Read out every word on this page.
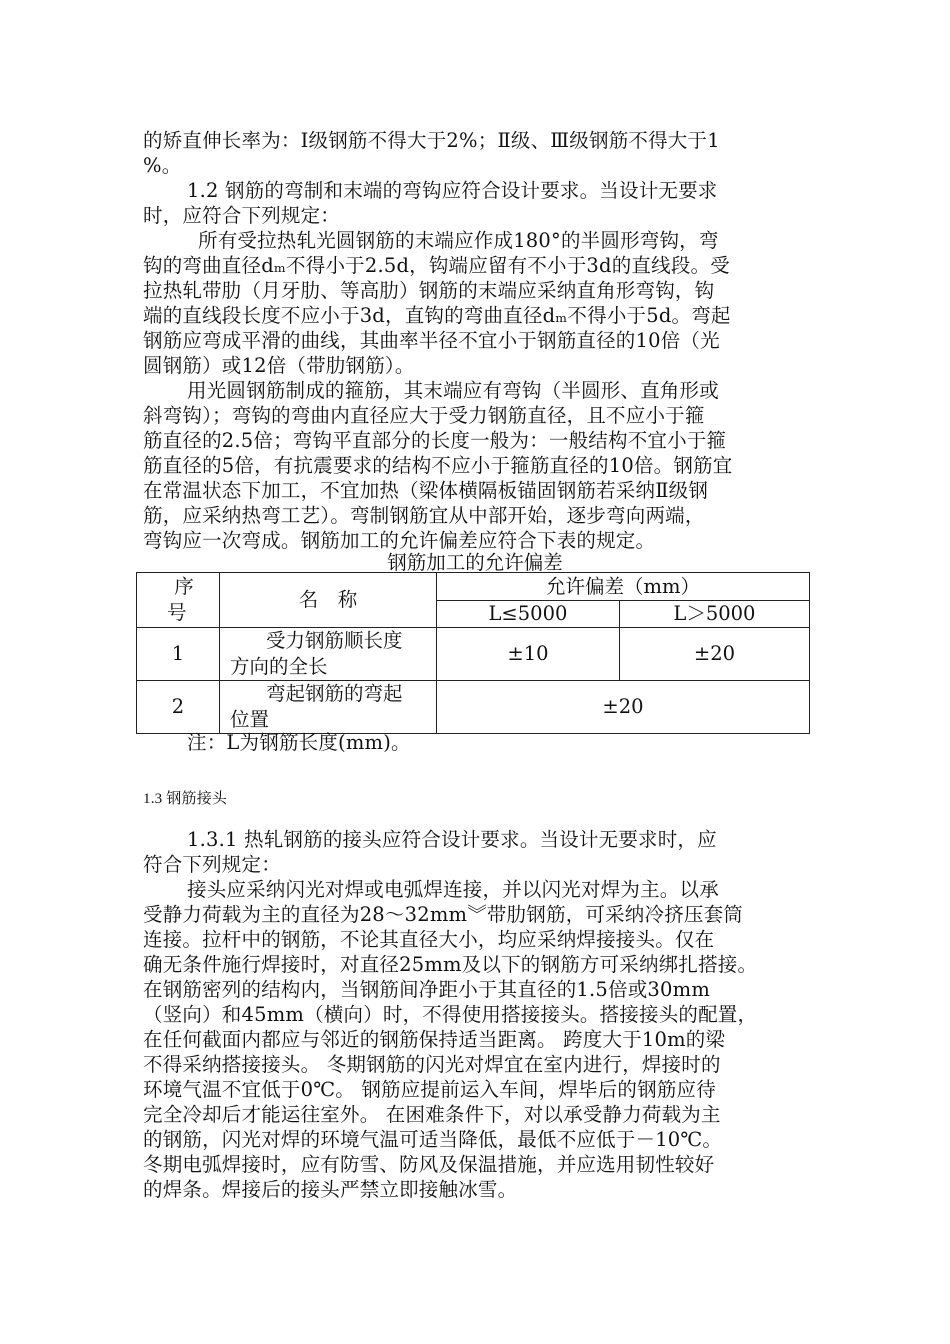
的矫直伸长率为：Ⅰ级钢筋不得大于2%；Ⅱ级、Ⅲ级钢筋不得大于1
%。
1.2 钢筋的弯制和末端的弯钩应符合设计要求。当设计无要求
时，应符合下列规定：
所有受拉热轧光圆钢筋的末端应作成180°的半圆形弯钩，弯
钩的弯曲直径dₘ不得小于2.5d，钩端应留有不小于3d的直线段。受
拉热轧带肋（月牙肋、等高肋）钢筋的末端应采纳直角形弯钩，钩
端的直线段长度不应小于3d，直钩的弯曲直径dₘ不得小于5d。弯起
钢筋应弯成平滑的曲线，其曲率半径不宜小于钢筋直径的10倍（光
圆钢筋）或12倍（带肋钢筋）。
用光圆钢筋制成的箍筋，其末端应有弯钩（半圆形、直角形或
斜弯钩）；弯钩的弯曲内直径应大于受力钢筋直径，且不应小于箍
筋直径的2.5倍；弯钩平直部分的长度一般为：一般结构不宜小于箍
筋直径的5倍，有抗震要求的结构不应小于箍筋直径的10倍。钢筋宜
在常温状态下加工，不宜加热（梁体横隔板锚固钢筋若采纳Ⅱ级钢
筋，应采纳热弯工艺）。弯制钢筋宜从中部开始，逐步弯向两端，
弯钩应一次弯成。钢筋加工的允许偏差应符合下表的规定。
钢筋加工的允许偏差
序
号	名　称	允许偏差（mm）	
		L≤5000	L＞5000
1	受力钢筋顺长度
方向的全长	±10	±20
2	弯起钢筋的弯起
位置	±20	
注：L为钢筋长度(mm)。
1.3 钢筋接头
1.3.1 热轧钢筋的接头应符合设计要求。当设计无要求时，应
符合下列规定：
接头应采纳闪光对焊或电弧焊连接，并以闪光对焊为主。以承
受静力荷载为主的直径为28～32mm︾带肋钢筋，可采纳冷挤压套筒
连接。拉杆中的钢筋，不论其直径大小，均应采纳焊接接头。仅在
确无条件施行焊接时，对直径25mm及以下的钢筋方可采纳绑扎搭接。
在钢筋密列的结构内，当钢筋间净距小于其直径的1.5倍或30mm
（竖向）和45mm（横向）时，不得使用搭接接头。搭接接头的配置，
在任何截面内都应与邻近的钢筋保持适当距离。 跨度大于10m的梁
不得采纳搭接接头。 冬期钢筋的闪光对焊宜在室内进行，焊接时的
环境气温不宜低于0℃。 钢筋应提前运入车间，焊毕后的钢筋应待
完全冷却后才能运往室外。 在困难条件下，对以承受静力荷载为主
的钢筋，闪光对焊的环境气温可适当降低，最低不应低于－10℃。
冬期电弧焊接时，应有防雪、防风及保温措施，并应选用韧性较好
的焊条。焊接后的接头严禁立即接触冰雪。
